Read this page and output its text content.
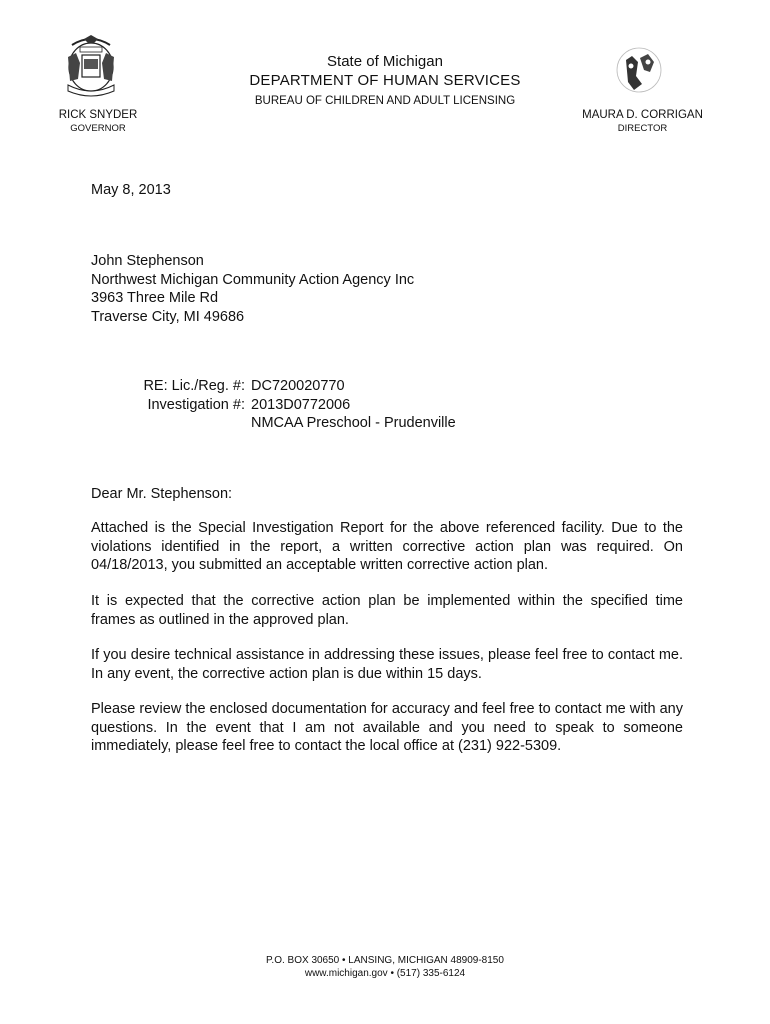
State of Michigan
DEPARTMENT OF HUMAN SERVICES
BUREAU OF CHILDREN AND ADULT LICENSING
RICK SNYDER
GOVERNOR
MAURA D. CORRIGAN
DIRECTOR
May 8, 2013
John Stephenson
Northwest Michigan Community Action Agency Inc
3963 Three Mile Rd
Traverse City, MI 49686
RE: Lic./Reg. #: DC720020770
Investigation #: 2013D0772006
NMCAA Preschool - Prudenville
Dear Mr. Stephenson:
Attached is the Special Investigation Report for the above referenced facility. Due to the violations identified in the report, a written corrective action plan was required. On 04/18/2013, you submitted an acceptable written corrective action plan.
It is expected that the corrective action plan be implemented within the specified time frames as outlined in the approved plan.
If you desire technical assistance in addressing these issues, please feel free to contact me. In any event, the corrective action plan is due within 15 days.
Please review the enclosed documentation for accuracy and feel free to contact me with any questions. In the event that I am not available and you need to speak to someone immediately, please feel free to contact the local office at (231) 922-5309.
P.O. BOX 30650 • LANSING, MICHIGAN 48909-8150
www.michigan.gov • (517) 335-6124
